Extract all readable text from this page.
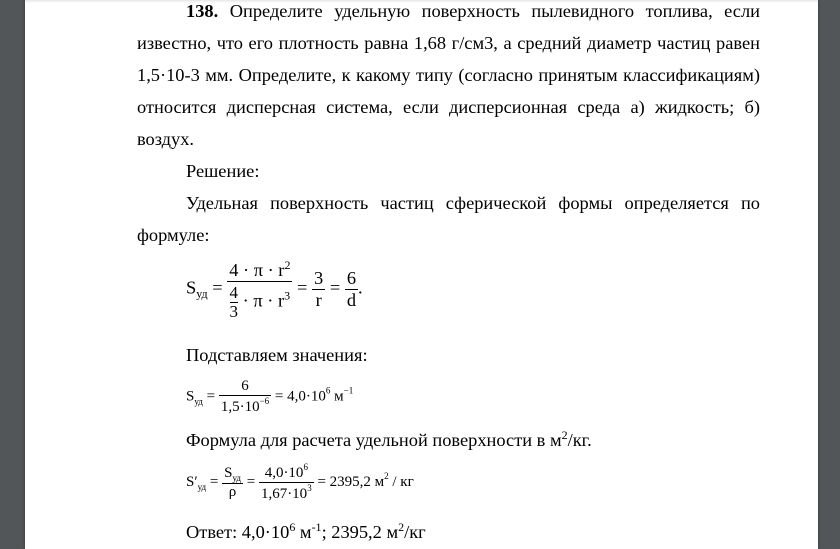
138. Определите удельную поверхность пылевидного топлива, если
известно, что его плотность равна 1,68 г/см3, а средний диаметр частиц равен
1,5·10-3 мм. Определите, к какому типу (согласно принятым классификациям)
относится дисперсная система, если дисперсионная среда а) жидкость; б)
воздух.
Решение:
Удельная поверхность частиц сферической формы определяется по
формуле:
$S_{уд} = \frac{4 \cdot \pi \cdot r^2}{\frac{4}{3} \cdot \pi \cdot r^3} = \frac{3}{r} = \frac{6}{d}$ .
Подставляем значения:
$S_{уд} = \frac{6}{1,5\cdot 10^{-6}} = 4,0\cdot 10^6$ $м^{-1}$
Формула для расчета удельной поверхности в $м^2/кг$.
$S'_{уд} = \frac{S_{уд}}{\rho} = \frac{4,0\cdot 10^6}{1,67\cdot 10^3} = 2395,2$ $м^2$ / кг
Ответ: $4,0\cdot 10^6$ $м^{-1}$; 2395,2 $м^2/кг$
